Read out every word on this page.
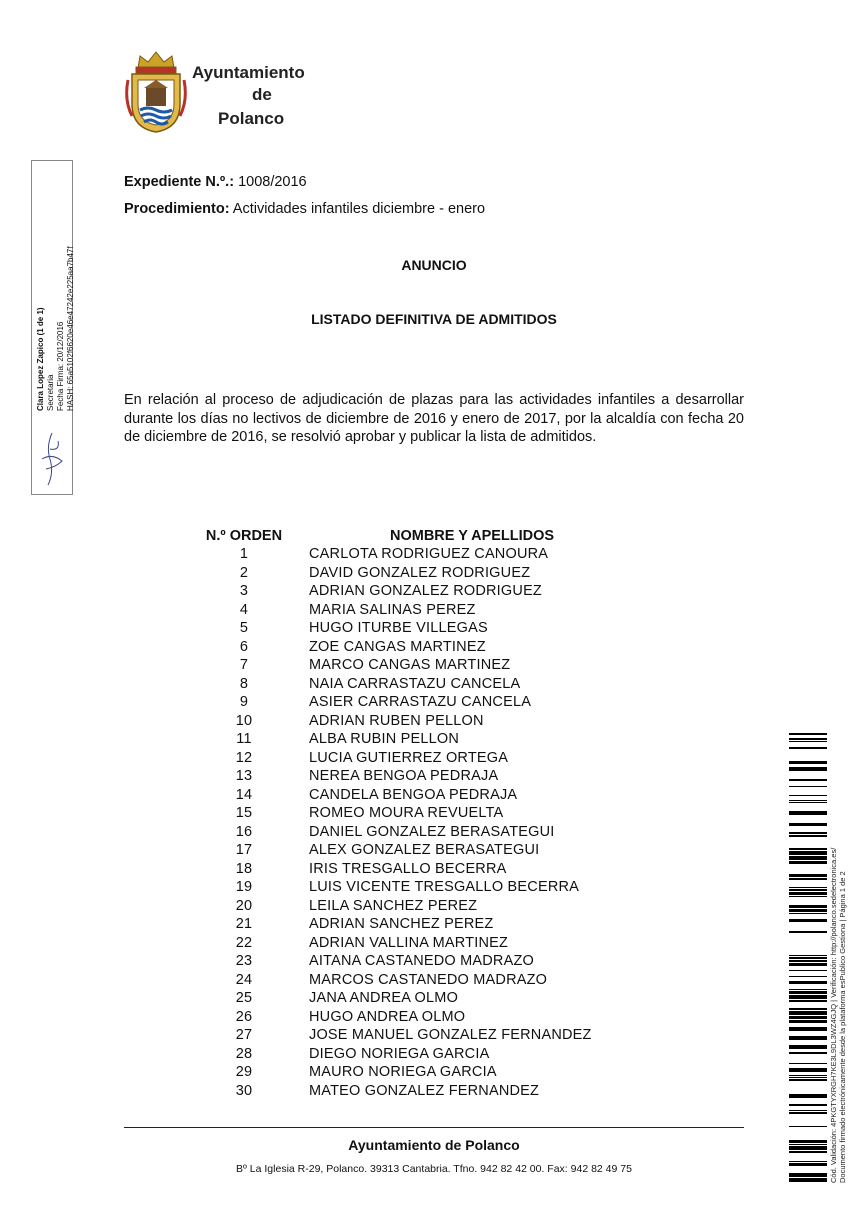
Ayuntamiento
de
Polanco
Expediente N.º.: 1008/2016
Procedimiento: Actividades infantiles diciembre - enero
ANUNCIO
LISTADO DEFINITIVA DE ADMITIDOS
En relación al proceso de adjudicación de plazas para las actividades infantiles a desarrollar durante los días no lectivos de diciembre de 2016 y enero de 2017, por la alcaldía con fecha 20 de diciembre de 2016, se resolvió aprobar y publicar la lista de admitidos.
N.º ORDEN	NOMBRE Y APELLIDOS
1	CARLOTA RODRIGUEZ CANOURA
2	DAVID GONZALEZ RODRIGUEZ
3	ADRIAN GONZALEZ RODRIGUEZ
4	MARIA SALINAS PEREZ
5	HUGO ITURBE VILLEGAS
6	ZOE CANGAS MARTINEZ
7	MARCO CANGAS MARTINEZ
8	NAIA CARRASTAZU CANCELA
9	ASIER CARRASTAZU CANCELA
10	ADRIAN RUBEN PELLON
11	ALBA RUBIN PELLON
12	LUCIA GUTIERREZ ORTEGA
13	NEREA BENGOA PEDRAJA
14	CANDELA BENGOA PEDRAJA
15	ROMEO MOURA REVUELTA
16	DANIEL GONZALEZ BERASATEGUI
17	ALEX GONZALEZ BERASATEGUI
18	IRIS TRESGALLO BECERRA
19	LUIS VICENTE TRESGALLO BECERRA
20	LEILA SANCHEZ PEREZ
21	ADRIAN SANCHEZ PEREZ
22	ADRIAN VALLINA MARTINEZ
23	AITANA CASTANEDO MADRAZO
24	MARCOS CASTANEDO MADRAZO
25	JANA ANDREA OLMO
26	HUGO ANDREA OLMO
27	JOSE MANUEL GONZALEZ FERNANDEZ
28	DIEGO NORIEGA GARCIA
29	MAURO NORIEGA GARCIA
30	MATEO GONZALEZ FERNANDEZ
Ayuntamiento de Polanco
Bº La Iglesia R-29, Polanco. 39313 Cantabria. Tfno. 942 82 42 00. Fax: 942 82 49 75
Clara Lopez Zapico (1 de 1) Secretaria Fecha Firma: 20/12/2016 HASH: 65a5102f6620e46e47242e225aa7b47f
Cód. Validación: 4PKGTYXRGH7KE3L9DL3WZ4GJQ | Verificación: http://polanco.sedelectronica.es/ Documento firmado electrónicamente desde la plataforma esPublico Gestiona | Página 1 de 2
